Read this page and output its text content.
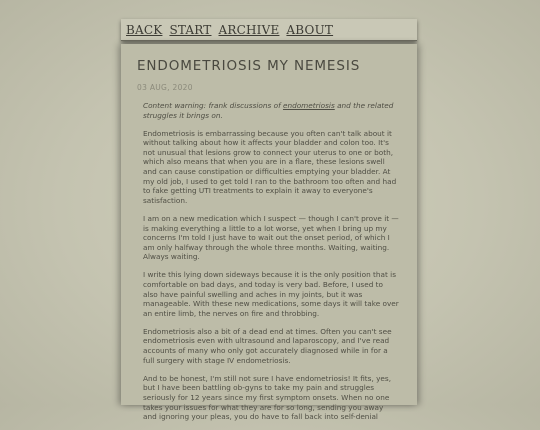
BACK START ARCHIVE ABOUT
ENDOMETRIOSIS MY NEMESIS
03 AUG, 2020

Content warning: frank discussions of endometriosis and the related struggles it brings on.

Endometriosis is embarrassing because you often can't talk about it without talking about how it affects your bladder and colon too. It's not unusual that lesions grow to connect your uterus to one or both, which also means that when you are in a flare, these lesions swell and can cause constipation or difficulties emptying your bladder. At my old job, I used to get told I ran to the bathroom too often and had to fake getting UTI treatments to explain it away to everyone's satisfaction.

I am on a new medication which I suspect — though I can't prove it — is making everything a little to a lot worse, yet when I bring up my concerns I'm told I just have to wait out the onset period, of which I am only halfway through the whole three months. Waiting, waiting. Always waiting.

I write this lying down sideways because it is the only position that is comfortable on bad days, and today is very bad. Before, I used to also have painful swelling and aches in my joints, but it was manageable. With these new medications, some days it will take over an entire limb, the nerves on fire and throbbing.

Endometriosis also a bit of a dead end at times. Often you can't see endometriosis even with ultrasound and laparoscopy, and I've read accounts of many who only got accurately diagnosed while in for a full surgery with stage IV endometriosis.

And to be honest, I'm still not sure I have endometriosis! It fits, yes, but I have been battling ob-gyns to take my pain and struggles seriously for 12 years since my first symptom onsets. When no one takes your issues for what they are for so long, sending you away and ignoring your pleas, you do have to fall back into self-denial
